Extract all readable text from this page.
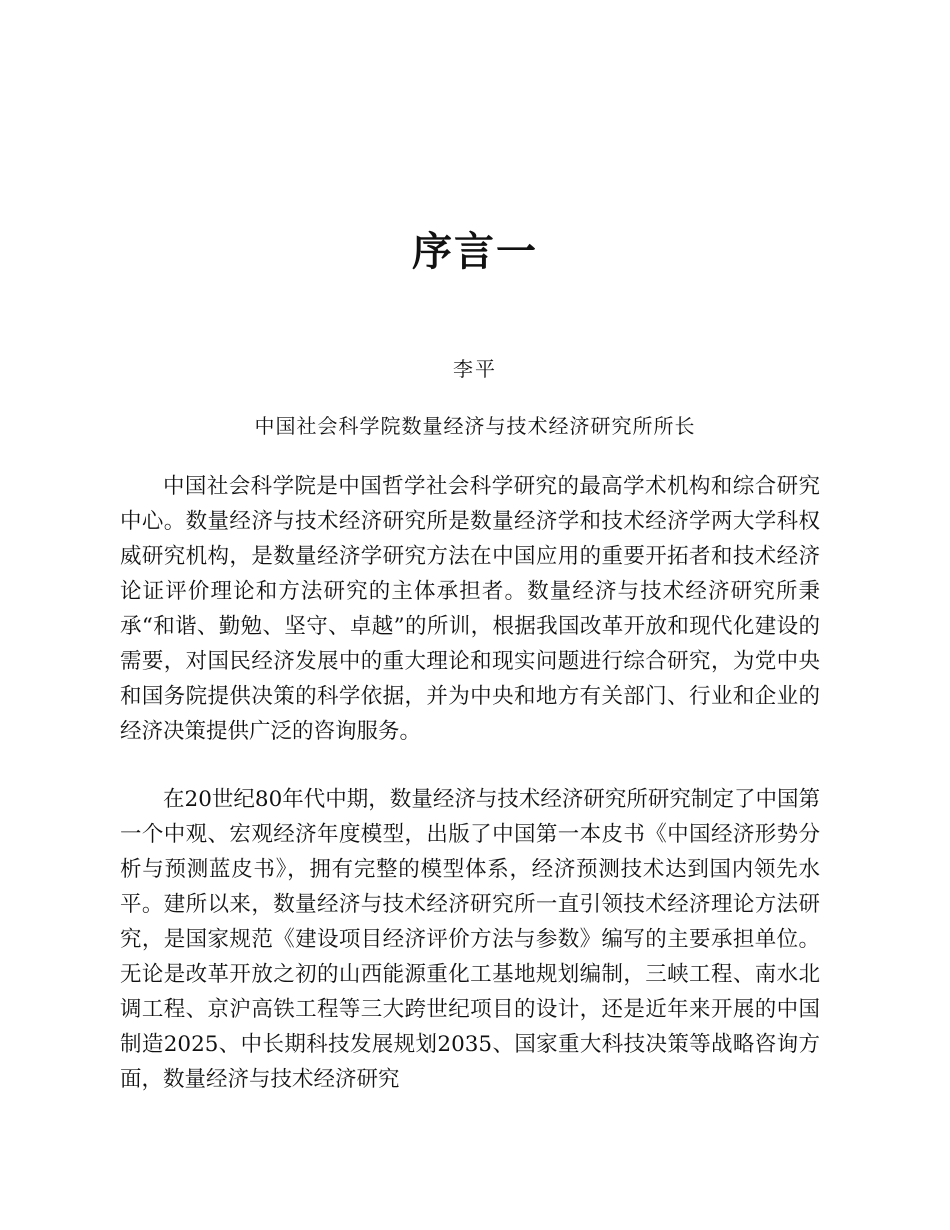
序言一
李平
中国社会科学院数量经济与技术经济研究所所长

中国社会科学院是中国哲学社会科学研究的最高学术机构和综合研究中心。数量经济与技术经济研究所是数量经济学和技术经济学两大学科权威研究机构，是数量经济学研究方法在中国应用的重要开拓者和技术经济论证评价理论和方法研究的主体承担者。数量经济与技术经济研究所秉承“和谐、勤勉、坚守、卓越”的所训，根据我国改革开放和现代化建设的需要，对国民经济发展中的重大理论和现实问题进行综合研究，为党中央和国务院提供决策的科学依据，并为中央和地方有关部门、行业和企业的经济决策提供广泛的咨询服务。

在20世纪80年代中期，数量经济与技术经济研究所研究制定了中国第一个中观、宏观经济年度模型，出版了中国第一本皮书《中国经济形势分析与预测蓝皮书》，拥有完整的模型体系，经济预测技术达到国内领先水平。建所以来，数量经济与技术经济研究所一直引领技术经济理论方法研究，是国家规范《建设项目经济评价方法与参数》编写的主要承担单位。无论是改革开放之初的山西能源重化工基地规划编制，三峡工程、南水北调工程、京沪高铁工程等三大跨世纪项目的设计，还是近年来开展的中国制造2025、中长期科技发展规划2035、国家重大科技决策等战略咨询方面，数量经济与技术经济研究
